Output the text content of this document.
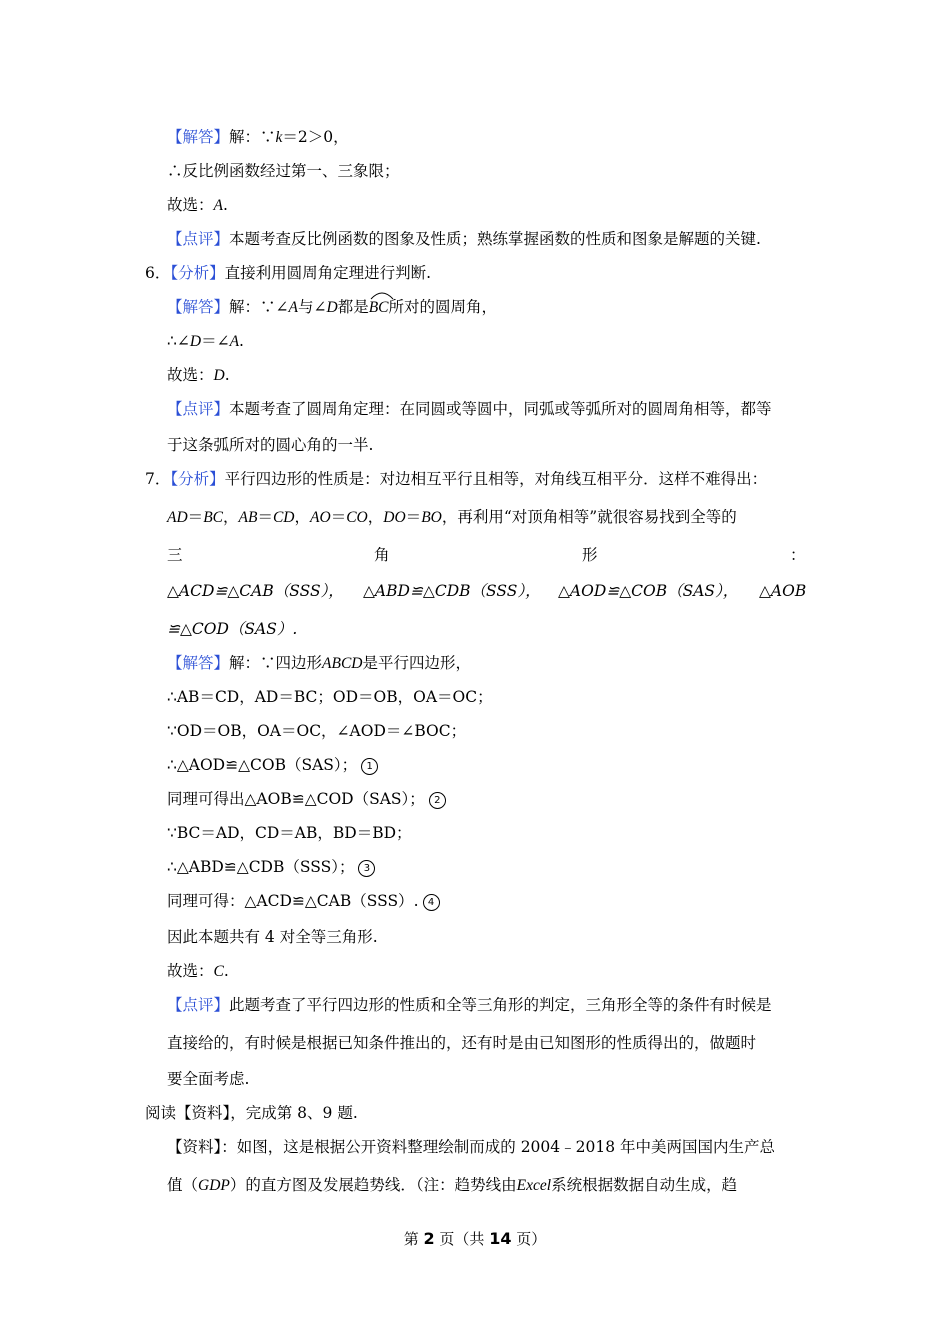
【解答】解：∵k＝2＞0，
∴反比例函数经过第一、三象限；
故选：A.
【点评】本题考查反比例函数的图象及性质；熟练掌握函数的性质和图象是解题的关键.
6．【分析】直接利用圆周角定理进行判断.
【解答】解：∵∠A与∠D都是
BC所对的圆周角，
∴∠D＝∠A.
故选：D.
【点评】本题考查了圆周角定理：在同圆或等圆中，同弧或等弧所对的圆周角相等，都等
于这条弧所对的圆心角的一半.
7．【分析】平行四边形的性质是：对边相互平行且相等，对角线互相平分．这样不难得出：
AD＝BC，AB＝CD，AO＝CO，DO＝BO，再利用“对顶角相等”就很容易找到全等的
三	角	形	：
△ACD≌△CAB（SSS）， △ABD≌△CDB（SSS）， △AOD≌△COB（SAS）， △AOB
≌△COD（SAS）.
【解答】解：∵四边形ABCD是平行四边形，
∴AB＝CD，AD＝BC；OD＝OB，OA＝OC；
∵OD＝OB，OA＝OC，∠AOD＝∠BOC；
∴△AOD≌△COB（SAS）； 1
同理可得出△AOB≌△COD（SAS）； 2
∵BC＝AD，CD＝AB，BD＝BD；
∴△ABD≌△CDB（SSS）； 3
同理可得：△ACD≌△CAB（SSS）. 4
因此本题共有 4 对全等三角形.
故选：C.
【点评】此题考查了平行四边形的性质和全等三角形的判定，三角形全等的条件有时候是
直接给的，有时候是根据已知条件推出的，还有时是由已知图形的性质得出的，做题时
要全面考虑.
阅读【资料】，完成第 8、9 题.
【资料】：如图，这是根据公开资料整理绘制而成的 2004﹣2018 年中美两国国内生产总
值（GDP）的直方图及发展趋势线．（注：趋势线由Excel系统根据数据自动生成，趋
第 2 页（共 14 页）
